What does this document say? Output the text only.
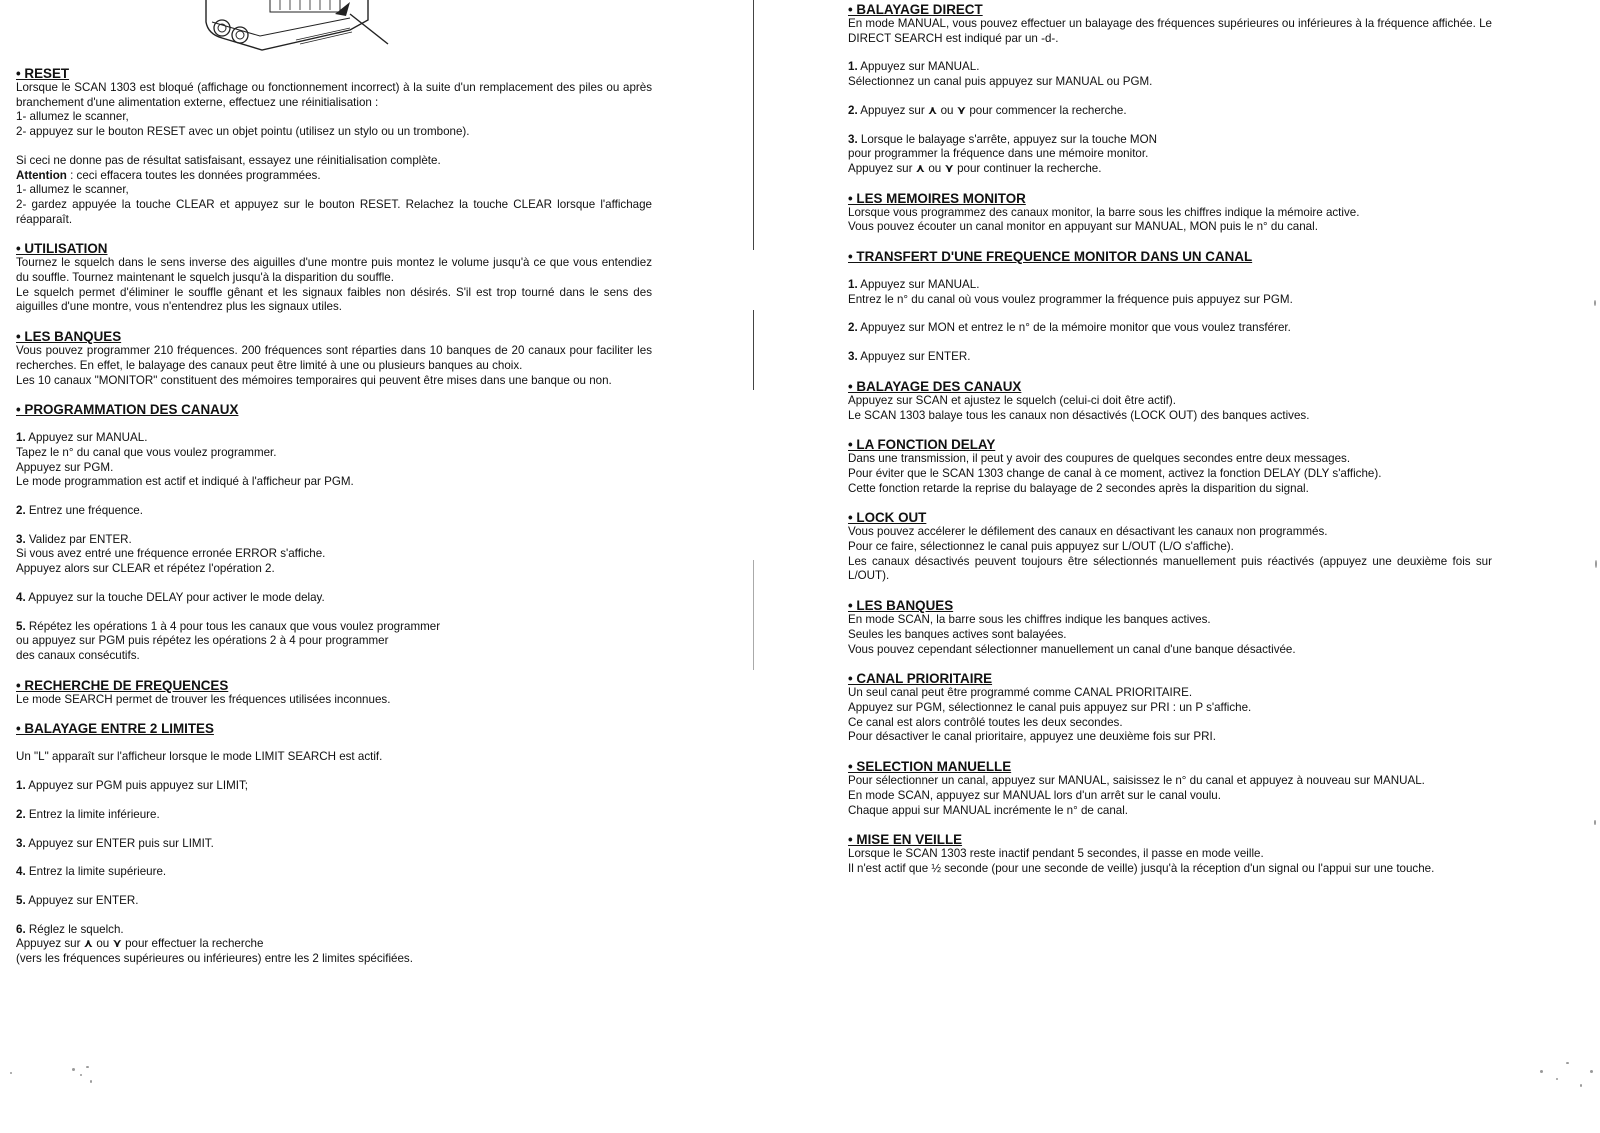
• RESET

Lorsque le SCAN 1303 est bloqué (affichage ou fonctionnement incorrect) à la suite d'un remplacement des piles ou après branchement d'une alimentation externe, effectuez une réinitialisation :

1- allumez le scanner,

2- appuyez sur le bouton RESET avec un objet pointu (utilisez un stylo ou un trombone).

Si ceci ne donne pas de résultat satisfaisant, essayez une réinitialisation complète.

Attention : ceci effacera toutes les données programmées.

1- allumez le scanner,

2- gardez appuyée la touche CLEAR et appuyez sur le bouton RESET. Relachez la touche CLEAR lorsque l'affichage réapparaît.

• UTILISATION

Tournez le squelch dans le sens inverse des aiguilles d'une montre puis montez le volume jusqu'à ce que vous entendiez du souffle. Tournez maintenant le squelch jusqu'à la disparition du souffle.

Le squelch permet d'éliminer le souffle gênant et les signaux faibles non désirés. S'il est trop tourné dans le sens des aiguilles d'une montre, vous n'entendrez plus les signaux utiles.

• LES BANQUES

Vous pouvez programmer 210 fréquences. 200 fréquences sont réparties dans 10 banques de 20 canaux pour faciliter les recherches. En effet, le balayage des canaux peut être limité à une ou plusieurs banques au choix.

Les 10 canaux "MONITOR" constituent des mémoires temporaires qui peuvent être mises dans une banque ou non.

• PROGRAMMATION DES CANAUX

1. Appuyez sur MANUAL.

Tapez le n° du canal que vous voulez programmer.

Appuyez sur PGM.

Le mode programmation est actif et indiqué à l'afficheur par PGM.

2. Entrez une fréquence.

3. Validez par ENTER.

Si vous avez entré une fréquence erronée ERROR s'affiche.

Appuyez alors sur CLEAR et répétez l'opération 2.

4. Appuyez sur la touche DELAY pour activer le mode delay.

5. Répétez les opérations 1 à 4 pour tous les canaux que vous voulez programmer

ou appuyez sur PGM puis répétez les opérations 2 à 4 pour programmer

des canaux consécutifs.

• RECHERCHE DE FREQUENCES

Le mode SEARCH permet de trouver les fréquences utilisées inconnues.

• BALAYAGE ENTRE 2 LIMITES

Un "L" apparaît sur l'afficheur lorsque le mode LIMIT SEARCH est actif.

1. Appuyez sur PGM puis appuyez sur LIMIT;

2. Entrez la limite inférieure.

3. Appuyez sur ENTER puis sur LIMIT.

4. Entrez la limite supérieure.

5. Appuyez sur ENTER.

6. Réglez le squelch.

Appuyez sur ⋏ ou ⋎ pour effectuer la recherche

(vers les fréquences supérieures ou inférieures) entre les 2 limites spécifiées.

• BALAYAGE DIRECT

En mode MANUAL, vous pouvez effectuer un balayage des fréquences supérieures ou inférieures à la fréquence affichée. Le DIRECT SEARCH est indiqué par un -d-.

1. Appuyez sur MANUAL.

Sélectionnez un canal puis appuyez sur MANUAL ou PGM.

2. Appuyez sur ⋏ ou ⋎ pour commencer la recherche.

3. Lorsque le balayage s'arrête, appuyez sur la touche MON

pour programmer la fréquence dans une mémoire monitor.

Appuyez sur ⋏ ou ⋎ pour continuer la recherche.

• LES MEMOIRES MONITOR

Lorsque vous programmez des canaux monitor, la barre sous les chiffres indique la mémoire active.

Vous pouvez écouter un canal monitor en appuyant sur MANUAL, MON puis le n° du canal.

• TRANSFERT D'UNE FREQUENCE MONITOR DANS UN CANAL

1. Appuyez sur MANUAL.

Entrez le n° du canal où vous voulez programmer la fréquence puis appuyez sur PGM.

2. Appuyez sur MON et entrez le n° de la mémoire monitor que vous voulez transférer.

3. Appuyez sur ENTER.

• BALAYAGE DES CANAUX

Appuyez sur SCAN et ajustez le squelch (celui-ci doit être actif).

Le SCAN 1303 balaye tous les canaux non désactivés (LOCK OUT) des banques actives.

• LA FONCTION DELAY

Dans une transmission, il peut y avoir des coupures de quelques secondes entre deux messages.

Pour éviter que le SCAN 1303 change de canal à ce moment, activez la fonction DELAY (DLY s'affiche).

Cette fonction retarde la reprise du balayage de 2 secondes après la disparition du signal.

• LOCK OUT

Vous pouvez accélerer le défilement des canaux en désactivant les canaux non programmés.

Pour ce faire, sélectionnez le canal puis appuyez sur L/OUT (L/O s'affiche).

Les canaux désactivés peuvent toujours être sélectionnés manuellement puis réactivés (appuyez une deuxième fois sur L/OUT).

• LES BANQUES

En mode SCAN, la barre sous les chiffres indique les banques actives.

Seules les banques actives sont balayées.

Vous pouvez cependant sélectionner manuellement un canal d'une banque désactivée.

• CANAL PRIORITAIRE

Un seul canal peut être programmé comme CANAL PRIORITAIRE.

Appuyez sur PGM, sélectionnez le canal puis appuyez sur PRI : un P s'affiche.

Ce canal est alors contrôlé toutes les deux secondes.

Pour désactiver le canal prioritaire, appuyez une deuxième fois sur PRI.

• SELECTION MANUELLE

Pour sélectionner un canal, appuyez sur MANUAL, saisissez le n° du canal et appuyez à nouveau sur MANUAL.

En mode SCAN, appuyez sur MANUAL lors d'un arrêt sur le canal voulu.

Chaque appui sur MANUAL incrémente le n° de canal.

• MISE EN VEILLE

Lorsque le SCAN 1303 reste inactif pendant 5 secondes, il passe en mode veille.

Il n'est actif que ½ seconde (pour une seconde de veille) jusqu'à la réception d'un signal ou l'appui sur une touche.
